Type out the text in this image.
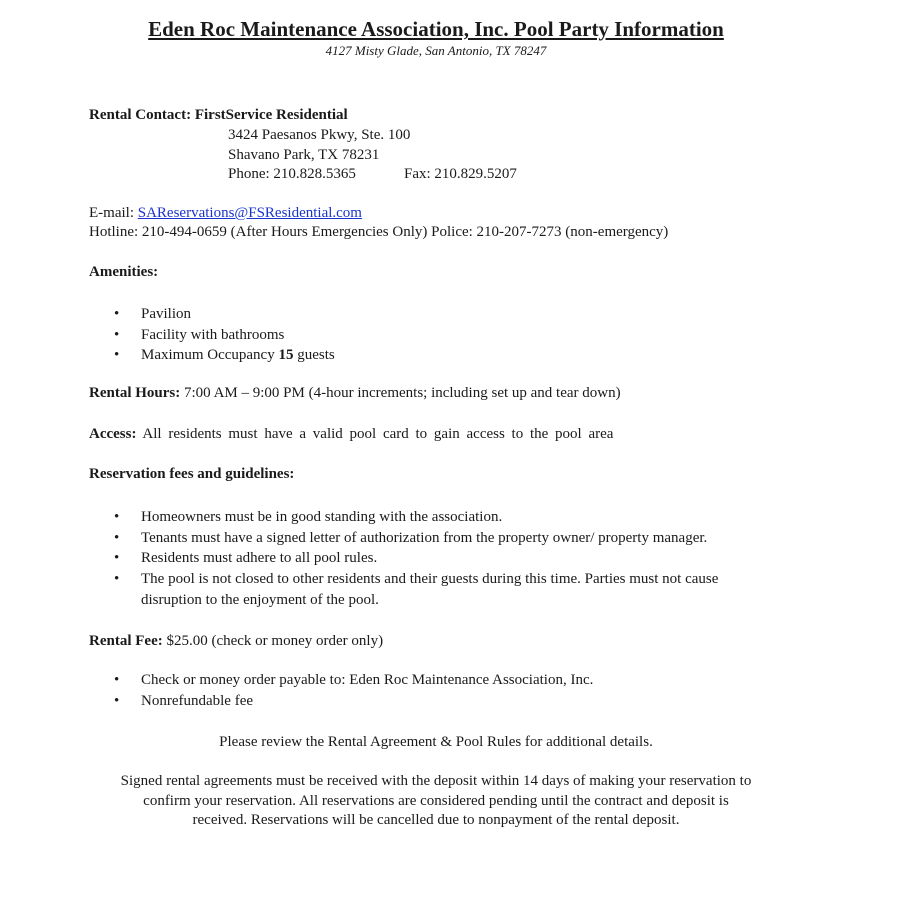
Eden Roc Maintenance Association, Inc. Pool Party Information
4127 Misty Glade, San Antonio, TX 78247
Rental Contact: FirstService Residential
3424 Paesanos Pkwy, Ste. 100
Shavano Park, TX 78231
Phone: 210.828.5365	Fax: 210.829.5207
E-mail: SAReservations@FSResidential.com
Hotline: 210-494-0659 (After Hours Emergencies Only) Police: 210-207-7273 (non-emergency)
Amenities:
• Pavilion
• Facility with bathrooms
• Maximum Occupancy 15 guests
Rental Hours: 7:00 AM – 9:00 PM (4-hour increments; including set up and tear down)
Access: All residents must have a valid pool card to gain access to the pool area
Reservation fees and guidelines:
• Homeowners must be in good standing with the association.
• Tenants must have a signed letter of authorization from the property owner/ property manager.
• Residents must adhere to all pool rules.
• The pool is not closed to other residents and their guests during this time. Parties must not cause disruption to the enjoyment of the pool.
Rental Fee: $25.00 (check or money order only)
• Check or money order payable to: Eden Roc Maintenance Association, Inc.
• Nonrefundable fee
Please review the Rental Agreement & Pool Rules for additional details.
Signed rental agreements must be received with the deposit within 14 days of making your reservation to
confirm your reservation. All reservations are considered pending until the contract and deposit is
received. Reservations will be cancelled due to nonpayment of the rental deposit.
